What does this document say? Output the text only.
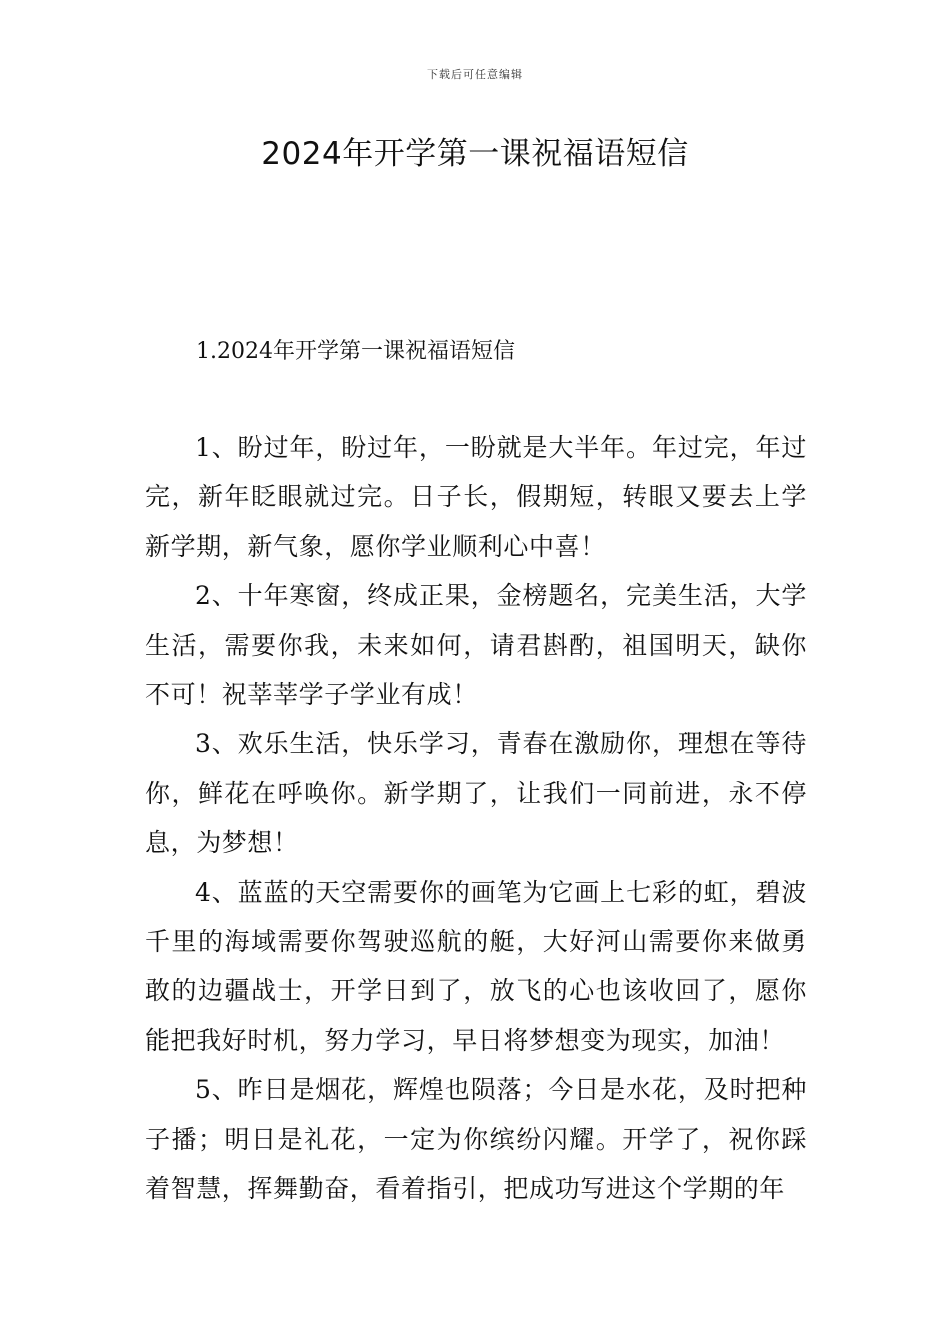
下载后可任意编辑
2024年开学第一课祝福语短信
1.2024年开学第一课祝福语短信

1、盼过年，盼过年，一盼就是大半年。年过完，年过完，新年眨眼就过完。日子长，假期短，转眼又要去上学新学期，新气象，愿你学业顺利心中喜！

2、十年寒窗，终成正果，金榜题名，完美生活，大学生活，需要你我，未来如何，请君斟酌，祖国明天，缺你不可！祝莘莘学子学业有成！

3、欢乐生活，快乐学习，青春在激励你，理想在等待你，鲜花在呼唤你。新学期了，让我们一同前进，永不停息，为梦想！

4、蓝蓝的天空需要你的画笔为它画上七彩的虹，碧波千里的海域需要你驾驶巡航的艇，大好河山需要你来做勇敢的边疆战士，开学日到了，放飞的心也该收回了，愿你能把我好时机，努力学习，早日将梦想变为现实，加油！

5、昨日是烟花，辉煌也陨落；今日是水花，及时把种子播；明日是礼花，一定为你缤纷闪耀。开学了，祝你踩着智慧，挥舞勤奋，看着指引，把成功写进这个学期的年
